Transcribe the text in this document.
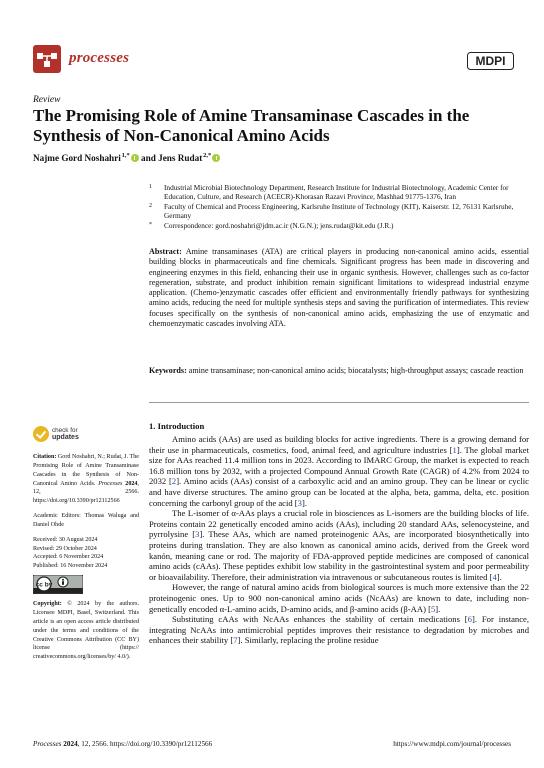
processes	MDPI
Review
The Promising Role of Amine Transaminase Cascades in the Synthesis of Non-Canonical Amino Acids
Najme Gord Noshahri $^{1,*}$ and Jens Rudat $^{2,*}$
1 Industrial Microbial Biotechnology Department, Research Institute for Industrial Biotechnology, Academic Center for Education, Culture, and Research (ACECR)-Khorasan Razavi Province, Mashhad 91775-1376, Iran
2 Faculty of Chemical and Process Engineering, Karlsruhe Institute of Technology (KIT), Kaiserstr. 12, 76131 Karlsruhe, Germany
* Correspondence: gord.noshahri@jdm.ac.ir (N.G.N.); jens.rudat@kit.edu (J.R.)
Abstract: Amine transaminases (ATA) are critical players in producing non-canonical amino acids, essential building blocks in pharmaceuticals and fine chemicals. Significant progress has been made in discovering and engineering enzymes in this field, enhancing their use in organic synthesis. However, challenges such as co-factor regeneration, substrate, and product inhibition remain significant limitations to widespread industrial enzyme application. (Chemo-)enzymatic cascades offer efficient and environmentally friendly pathways for synthesizing amino acids, reducing the need for multiple synthesis steps and saving the purification of intermediates. This review focuses specifically on the synthesis of non-canonical amino acids, emphasizing the use of enzymatic and chemoenzymatic cascades involving ATA.
Keywords: amine transaminase; non-canonical amino acids; biocatalysts; high-throughput assays; cascade reaction
1. Introduction

Amino acids (AAs) are used as building blocks for active ingredients. There is a growing demand for their use in pharmaceuticals, cosmetics, food, animal feed, and agriculture industries [1]. The global market size for AAs reached 11.4 million tons in 2023. According to IMARC Group, the market is expected to reach 16.8 million tons by 2032, with a projected Compound Annual Growth Rate (CAGR) of 4.2% from 2024 to 2032 [2]. Amino acids (AAs) consist of a carboxylic acid and an amino group. They can be linear or cyclic and have diverse structures. The amino group can be located at the alpha, beta, gamma, delta, etc. position concerning the carbonyl group of the acid [3].

The L-isomer of α-AAs plays a crucial role in biosciences as L-isomers are the building blocks of life. Proteins contain 22 genetically encoded amino acids (AAs), including 20 standard AAs, selenocysteine, and pyrrolysine [3]. These AAs, which are named proteinogenic AAs, are incorporated biosynthetically into proteins during translation. They are also known as canonical amino acids, derived from the Greek word kanón, meaning cane or rod. The majority of FDA-approved peptide medicines are composed of canonical amino acids (cAAs). These peptides exhibit low stability in the gastrointestinal system and poor permeability or bioavailability. Therefore, their administration via intravenous or subcutaneous routes is limited [4].

However, the range of natural amino acids from biological sources is much more extensive than the 22 proteinogenic ones. Up to 900 non-canonical amino acids (NcAAs) are known to date, including non-genetically encoded α-L-amino acids, D-amino acids, and β-amino acids (β-AA) [5].

Substituting cAAs with NcAAs enhances the stability of certain medications [6]. For instance, integrating NcAAs into antimicrobial peptides improves their resistance to degradation by microbes and enhances their stability [7]. Similarly, replacing the proline residue

check for
updates

Citation: Gord Noshahri, N.; Rudat, J. The Promising Role of Amine Transaminase Cascades in the Synthesis of Non-Canonical Amino Acids. Processes 2024, 12, 2566. https://doi.org/10.3390/pr12112566

Academic Editors: Thomas Waluga and Daniel Ohde

Received: 30 August 2024
Revised: 29 October 2024
Accepted: 6 November 2024
Published: 16 November 2024
cc by

Copyright: © 2024 by the authors. Licensee MDPI, Basel, Switzerland. This article is an open access article distributed under the terms and conditions of the Creative Commons Attribution (CC BY) license (https:// creativecommons.org/licenses/by/ 4.0/).

Processes 2024, 12, 2566. https://doi.org/10.3390/pr12112566	https://www.mdpi.com/journal/processes
